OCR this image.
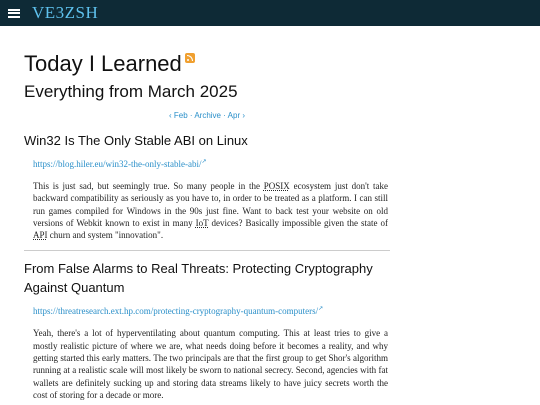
VE3ZSH
Today I Learned
Everything from March 2025
‹ Feb · Archive · Apr ›
Win32 Is The Only Stable ABI on Linux
https://blog.hiler.eu/win32-the-only-stable-abi/↗
This is just sad, but seemingly true. So many people in the POSIX ecosystem just don't take backward compatibility as seriously as you have to, in order to be treated as a platform. I can still run games compiled for Windows in the 90s just fine. Want to back test your website on old versions of Webkit known to exist in many IoT devices? Basically impossible given the state of API churn and system "innovation".
From False Alarms to Real Threats: Protecting Cryptography Against Quantum
https://threatresearch.ext.hp.com/protecting-cryptography-quantum-computers/↗
Yeah, there's a lot of hyperventilating about quantum computing. This at least tries to give a mostly realistic picture of where we are, what needs doing before it becomes a reality, and why getting started this early matters. The two principals are that the first group to get Shor's algorithm running at a realistic scale will most likely be sworn to national secrecy. Second, agencies with fat wallets are definitely sucking up and storing data streams likely to have juicy secrets worth the cost of storing for a decade or more.
